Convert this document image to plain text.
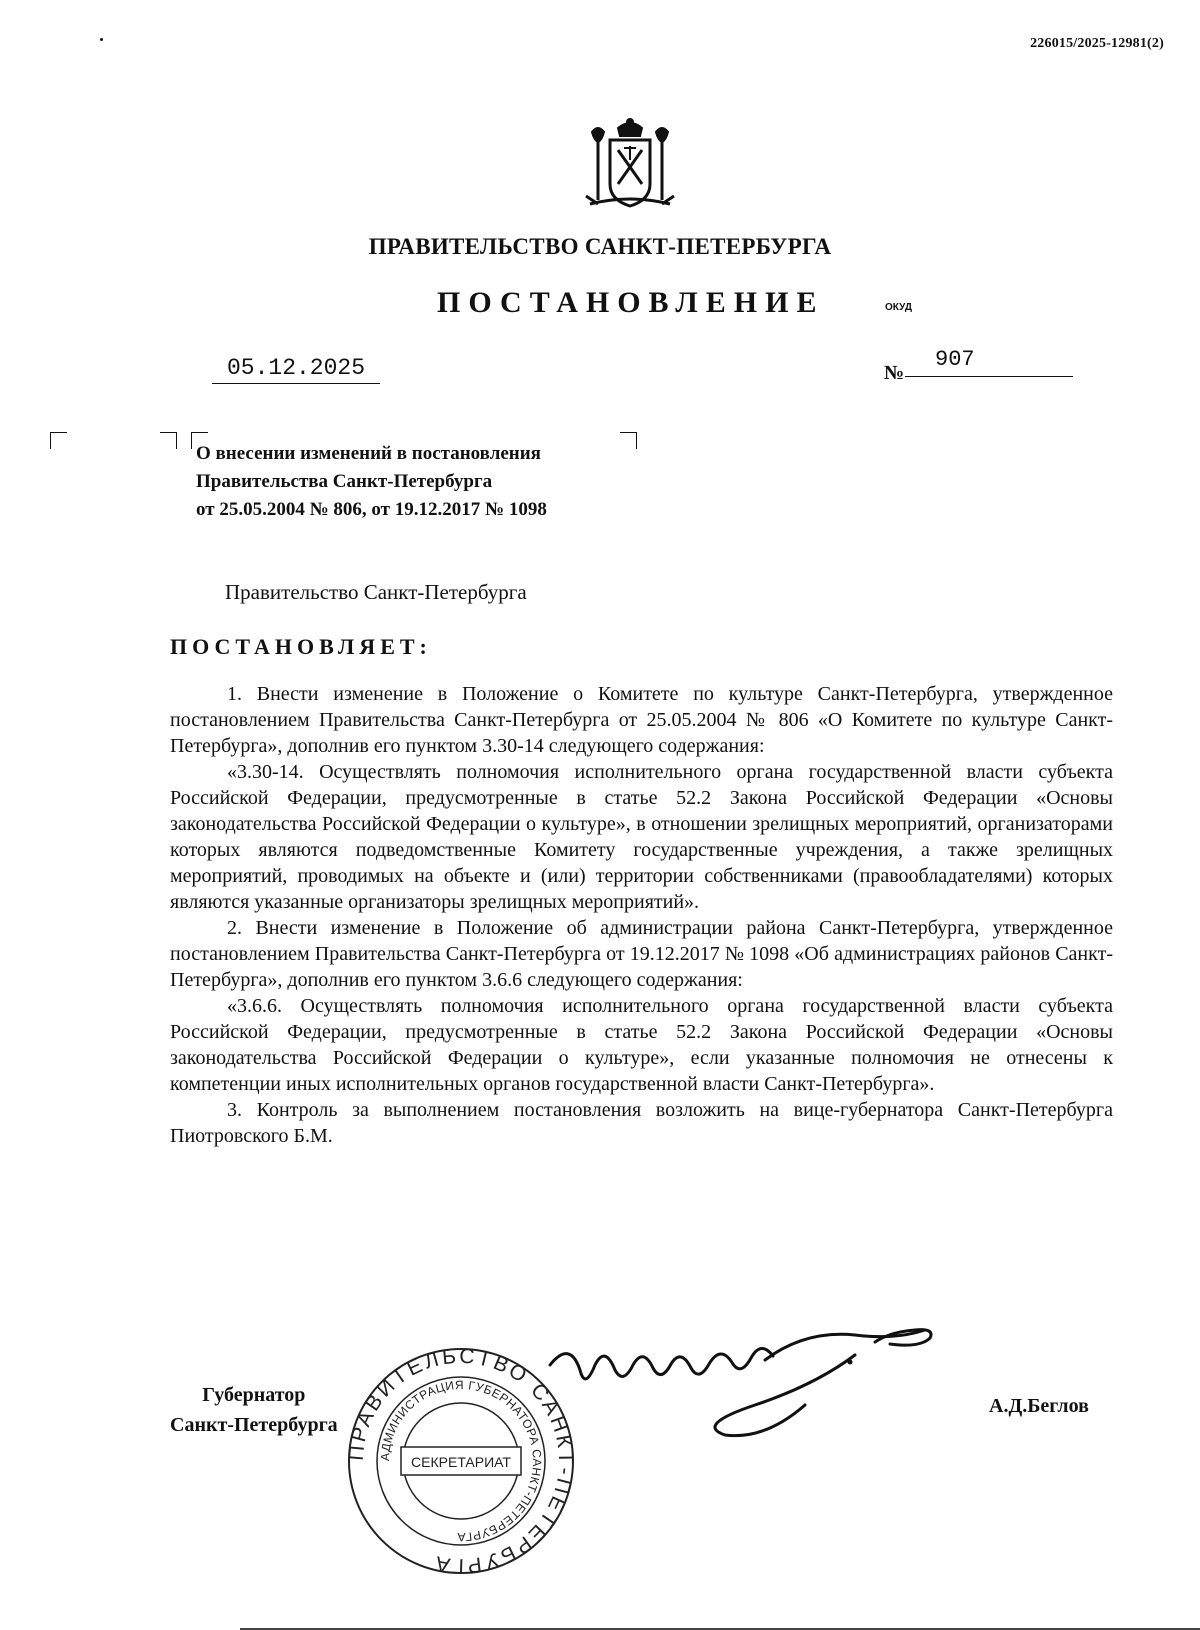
226015/2025-12981(2)
ПРАВИТЕЛЬСТВО САНКТ-ПЕТЕРБУРГА
ПОСТАНОВЛЕНИЕ	ОКУД
05.12.2025	№
907
О внесении изменений в постановления
Правительства Санкт-Петербурга
от 25.05.2004 № 806, от 19.12.2017 № 1098
Правительство Санкт-Петербурга
ПОСТАНОВЛЯЕТ:

1. Внести изменение в Положение о Комитете по культуре Санкт-Петербурга, утвержденное постановлением Правительства Санкт-Петербурга от 25.05.2004 № 806 «О Комитете по культуре Санкт-Петербурга», дополнив его пунктом 3.30-14 следующего содержания:

«3.30-14. Осуществлять полномочия исполнительного органа государственной власти субъекта Российской Федерации, предусмотренные в статье 52.2 Закона Российской Федерации «Основы законодательства Российской Федерации о культуре», в отношении зрелищных мероприятий, организаторами которых являются подведомственные Комитету государственные учреждения, а также зрелищных мероприятий, проводимых на объекте и (или) территории собственниками (правообладателями) которых являются указанные организаторы зрелищных мероприятий».

2. Внести изменение в Положение об администрации района Санкт-Петербурга, утвержденное постановлением Правительства Санкт-Петербурга от 19.12.2017 № 1098 «Об администрациях районов Санкт-Петербурга», дополнив его пунктом 3.6.6 следующего содержания:

«3.6.6. Осуществлять полномочия исполнительного органа государственной власти субъекта Российской Федерации, предусмотренные в статье 52.2 Закона Российской Федерации «Основы законодательства Российской Федерации о культуре», если указанные полномочия не отнесены к компетенции иных исполнительных органов государственной власти Санкт-Петербурга».

3. Контроль за выполнением постановления возложить на вице-губернатора Санкт-Петербурга Пиотровского Б.М.

ПРАВИТЕЛЬСТВО САНКТ-ПЕТЕРБУРГА
АДМИНИСТРАЦИЯ ГУБЕРНАТОРА САНКТ-ПЕТЕРБУРГА
СЕКРЕТАРИАТ
Губернатор
Санкт-Петербурга
А.Д.Беглов
